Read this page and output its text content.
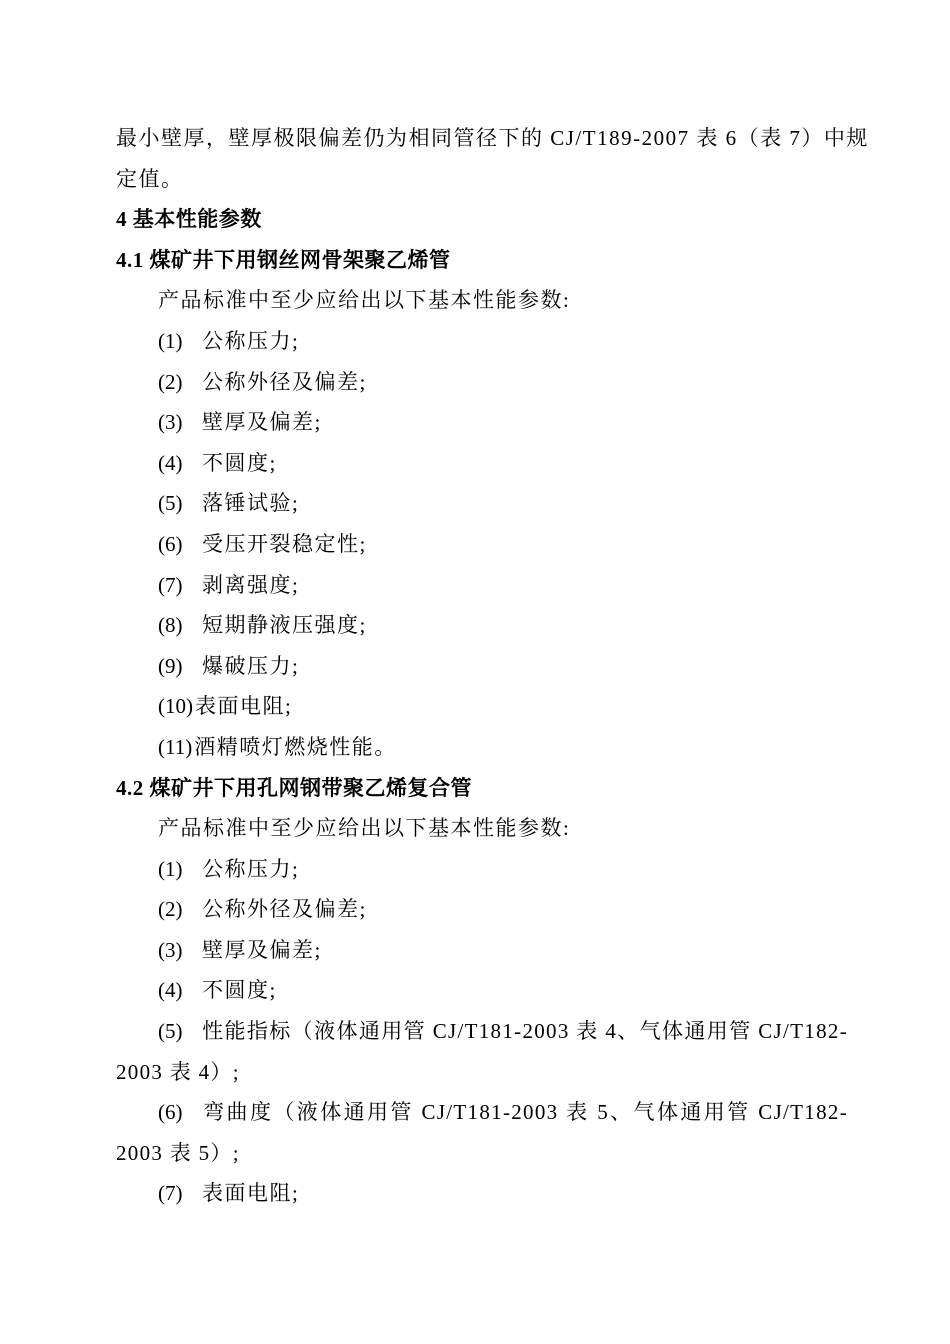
最小壁厚，壁厚极限偏差仍为相同管径下的 CJ/T189-2007 表 6（表 7）中规
定值。
4 基本性能参数
4.1 煤矿井下用钢丝网骨架聚乙烯管
产品标准中至少应给出以下基本性能参数:
(1) 公称压力;
(2) 公称外径及偏差;
(3) 壁厚及偏差;
(4) 不圆度;
(5) 落锤试验;
(6) 受压开裂稳定性;
(7) 剥离强度;
(8) 短期静液压强度;
(9) 爆破压力;
(10)表面电阻;
(11)酒精喷灯燃烧性能。
4.2 煤矿井下用孔网钢带聚乙烯复合管
产品标准中至少应给出以下基本性能参数:
(1) 公称压力;
(2) 公称外径及偏差;
(3) 壁厚及偏差;
(4) 不圆度;
(5) 性能指标（液体通用管 CJ/T181-2003 表 4、气体通用管 CJ/T182-2003 表 4）;
(6) 弯曲度（液体通用管 CJ/T181-2003 表 5、气体通用管 CJ/T182-2003 表 5）;
(7) 表面电阻;
